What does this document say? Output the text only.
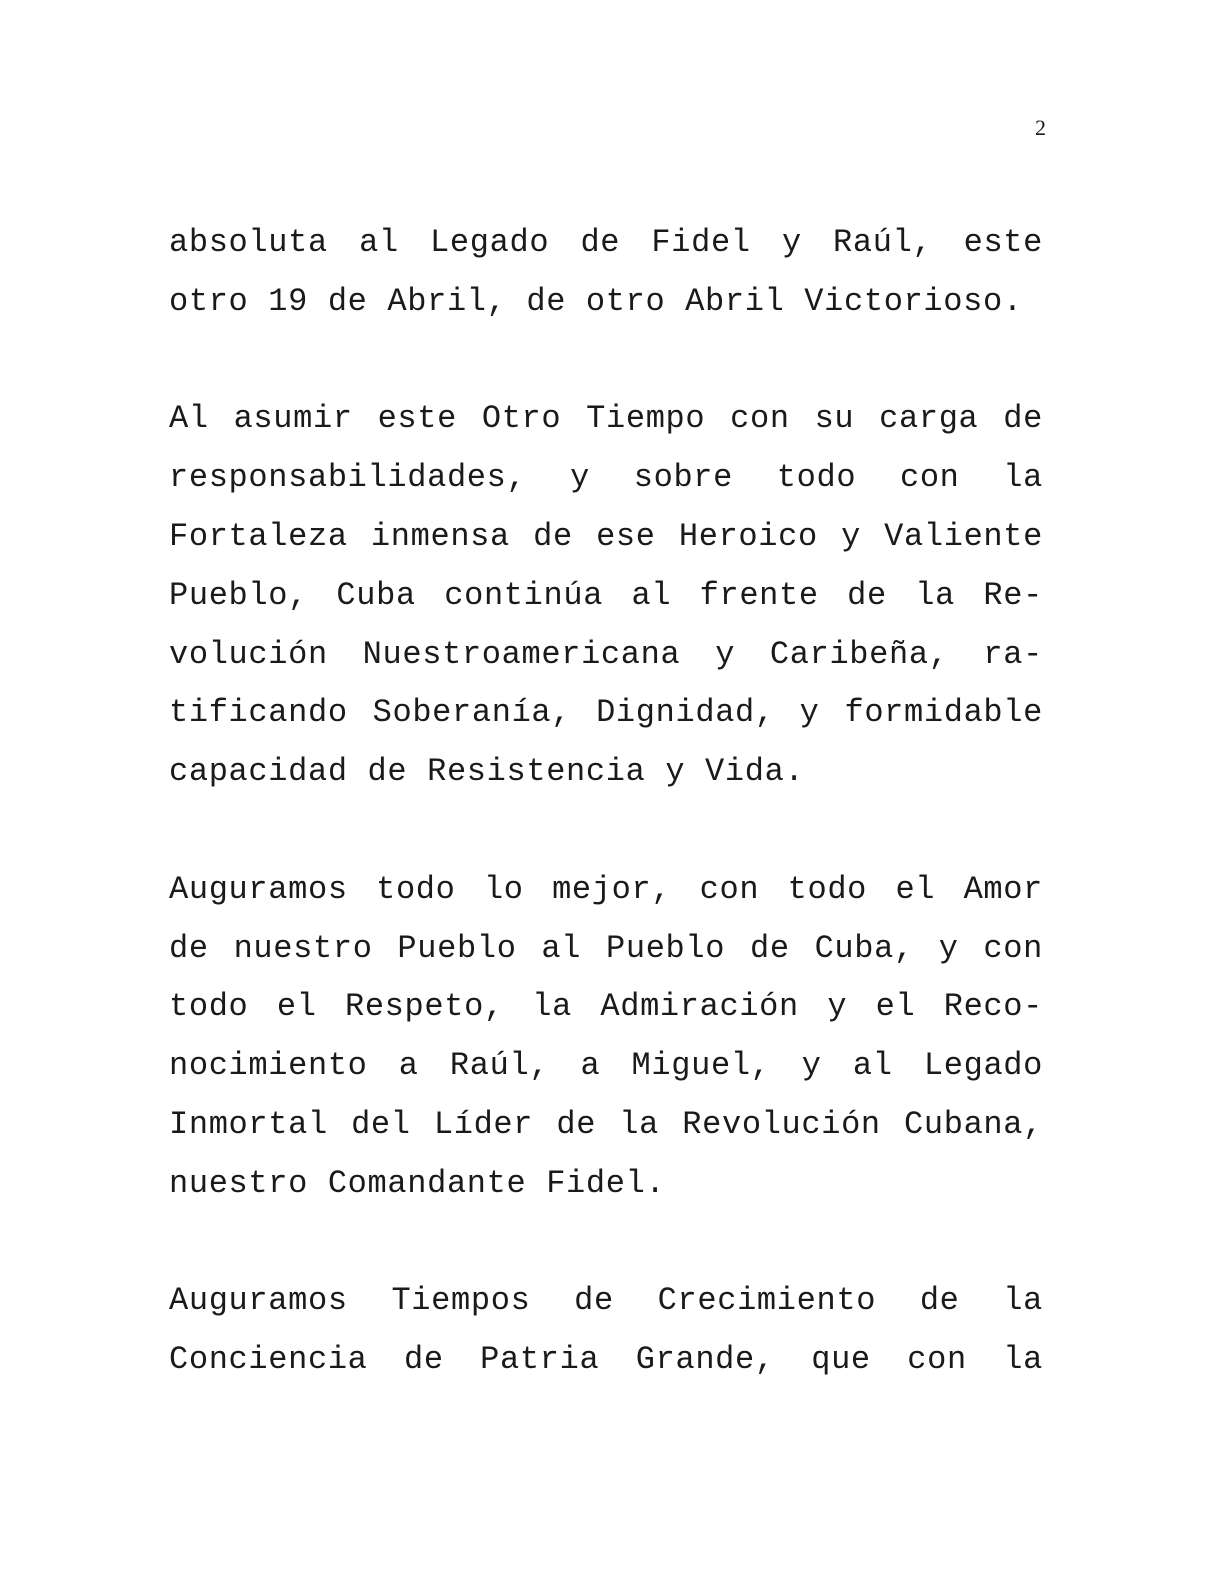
2
absoluta al Legado de Fidel y Raúl, este
otro 19 de Abril, de otro Abril Victorioso.
Al asumir este Otro Tiempo con su carga de
responsabilidades, y sobre todo con la
Fortaleza inmensa de ese Heroico y Valiente
Pueblo, Cuba continúa al frente de la Re-
volución Nuestroamericana y Caribeña, ra-
tificando Soberanía, Dignidad, y formidable
capacidad de Resistencia y Vida.
Auguramos todo lo mejor, con todo el Amor
de nuestro Pueblo al Pueblo de Cuba, y con
todo el Respeto, la Admiración y el Reco-
nocimiento a Raúl, a Miguel, y al Legado
Inmortal del Líder de la Revolución Cubana,
nuestro Comandante Fidel.
Auguramos Tiempos de Crecimiento de la
Conciencia de Patria Grande, que con la
